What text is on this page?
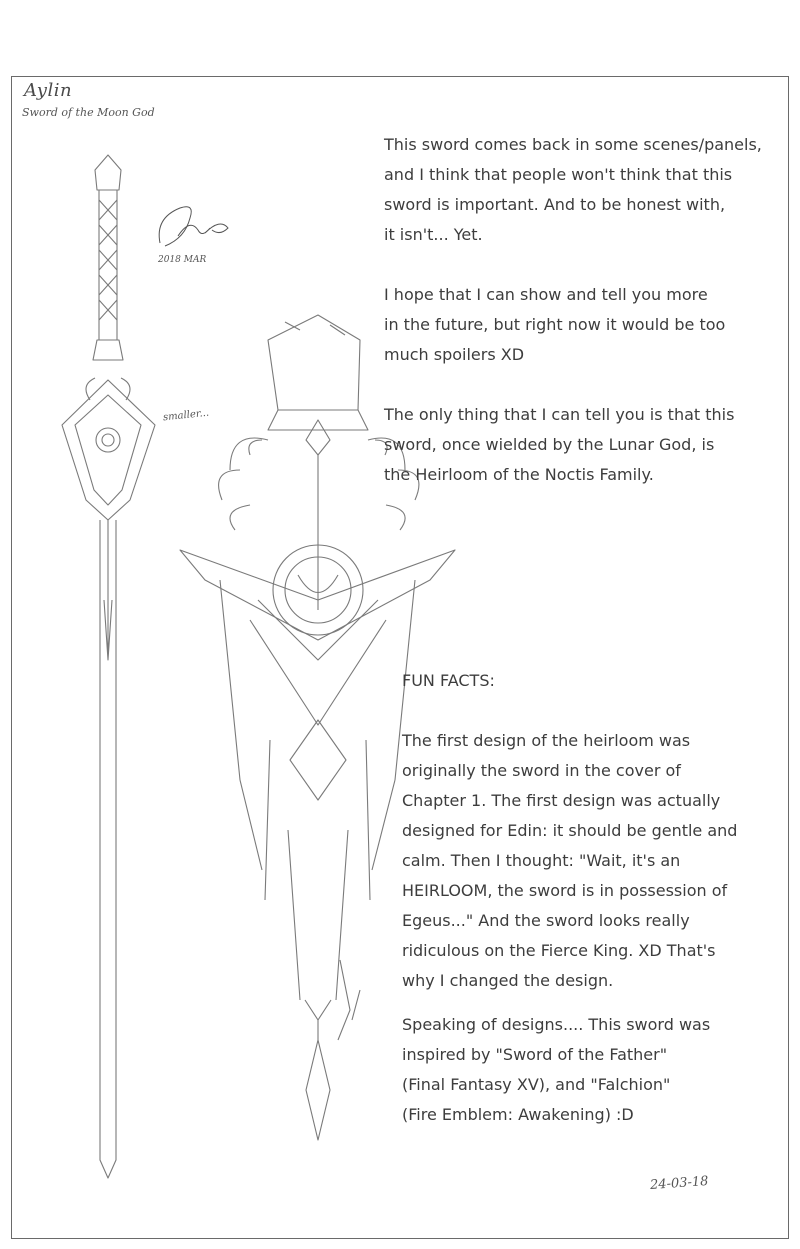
Aylin
Sword of the Moon God
2018 MAR
smaller...
This sword comes back in some scenes/panels,
and I think that people won't think that this
sword is important. And to be honest with,
it isn't... Yet.
I hope that I can show and tell you more
in the future, but right now it would be too
much spoilers XD
The only thing that I can tell you is that this
sword, once wielded by the Lunar God, is
the Heirloom of the Noctis Family.
FUN FACTS:
The first design of the heirloom was
originally the sword in the cover of
Chapter 1. The first design was actually
designed for Edin: it should be gentle and
calm. Then I thought: "Wait, it's an
HEIRLOOM, the sword is in possession of
Egeus..." And the sword looks really
ridiculous on the Fierce King. XD That's
why I changed the design.
Speaking of designs.... This sword was
inspired by "Sword of the Father"
(Final Fantasy XV), and "Falchion"
(Fire Emblem: Awakening) :D
24-03-18
